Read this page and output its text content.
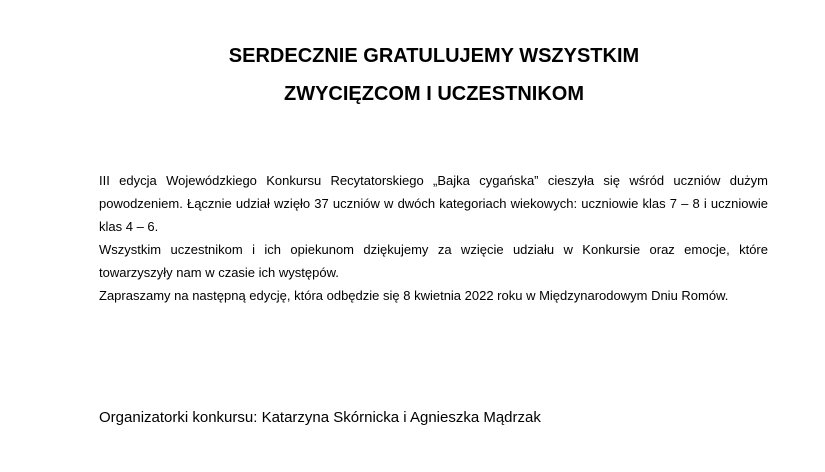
SERDECZNIE GRATULUJEMY WSZYSTKIM
ZWYCIĘZCOM I UCZESTNIKOM

III edycja Wojewódzkiego Konkursu Recytatorskiego „Bajka cygańska” cieszyła się wśród uczniów dużym powodzeniem. Łącznie udział wzięło 37 uczniów w dwóch kategoriach wiekowych: uczniowie klas 7 – 8 i uczniowie klas 4 – 6.

Wszystkim uczestnikom i ich opiekunom dziękujemy za wzięcie udziału w Konkursie oraz emocje, które towarzyszyły nam w czasie ich występów.

Zapraszamy na następną edycję, która odbędzie się 8 kwietnia 2022 roku w Międzynarodowym Dniu Romów.

Organizatorki konkursu: Katarzyna Skórnicka i Agnieszka Mądrzak
